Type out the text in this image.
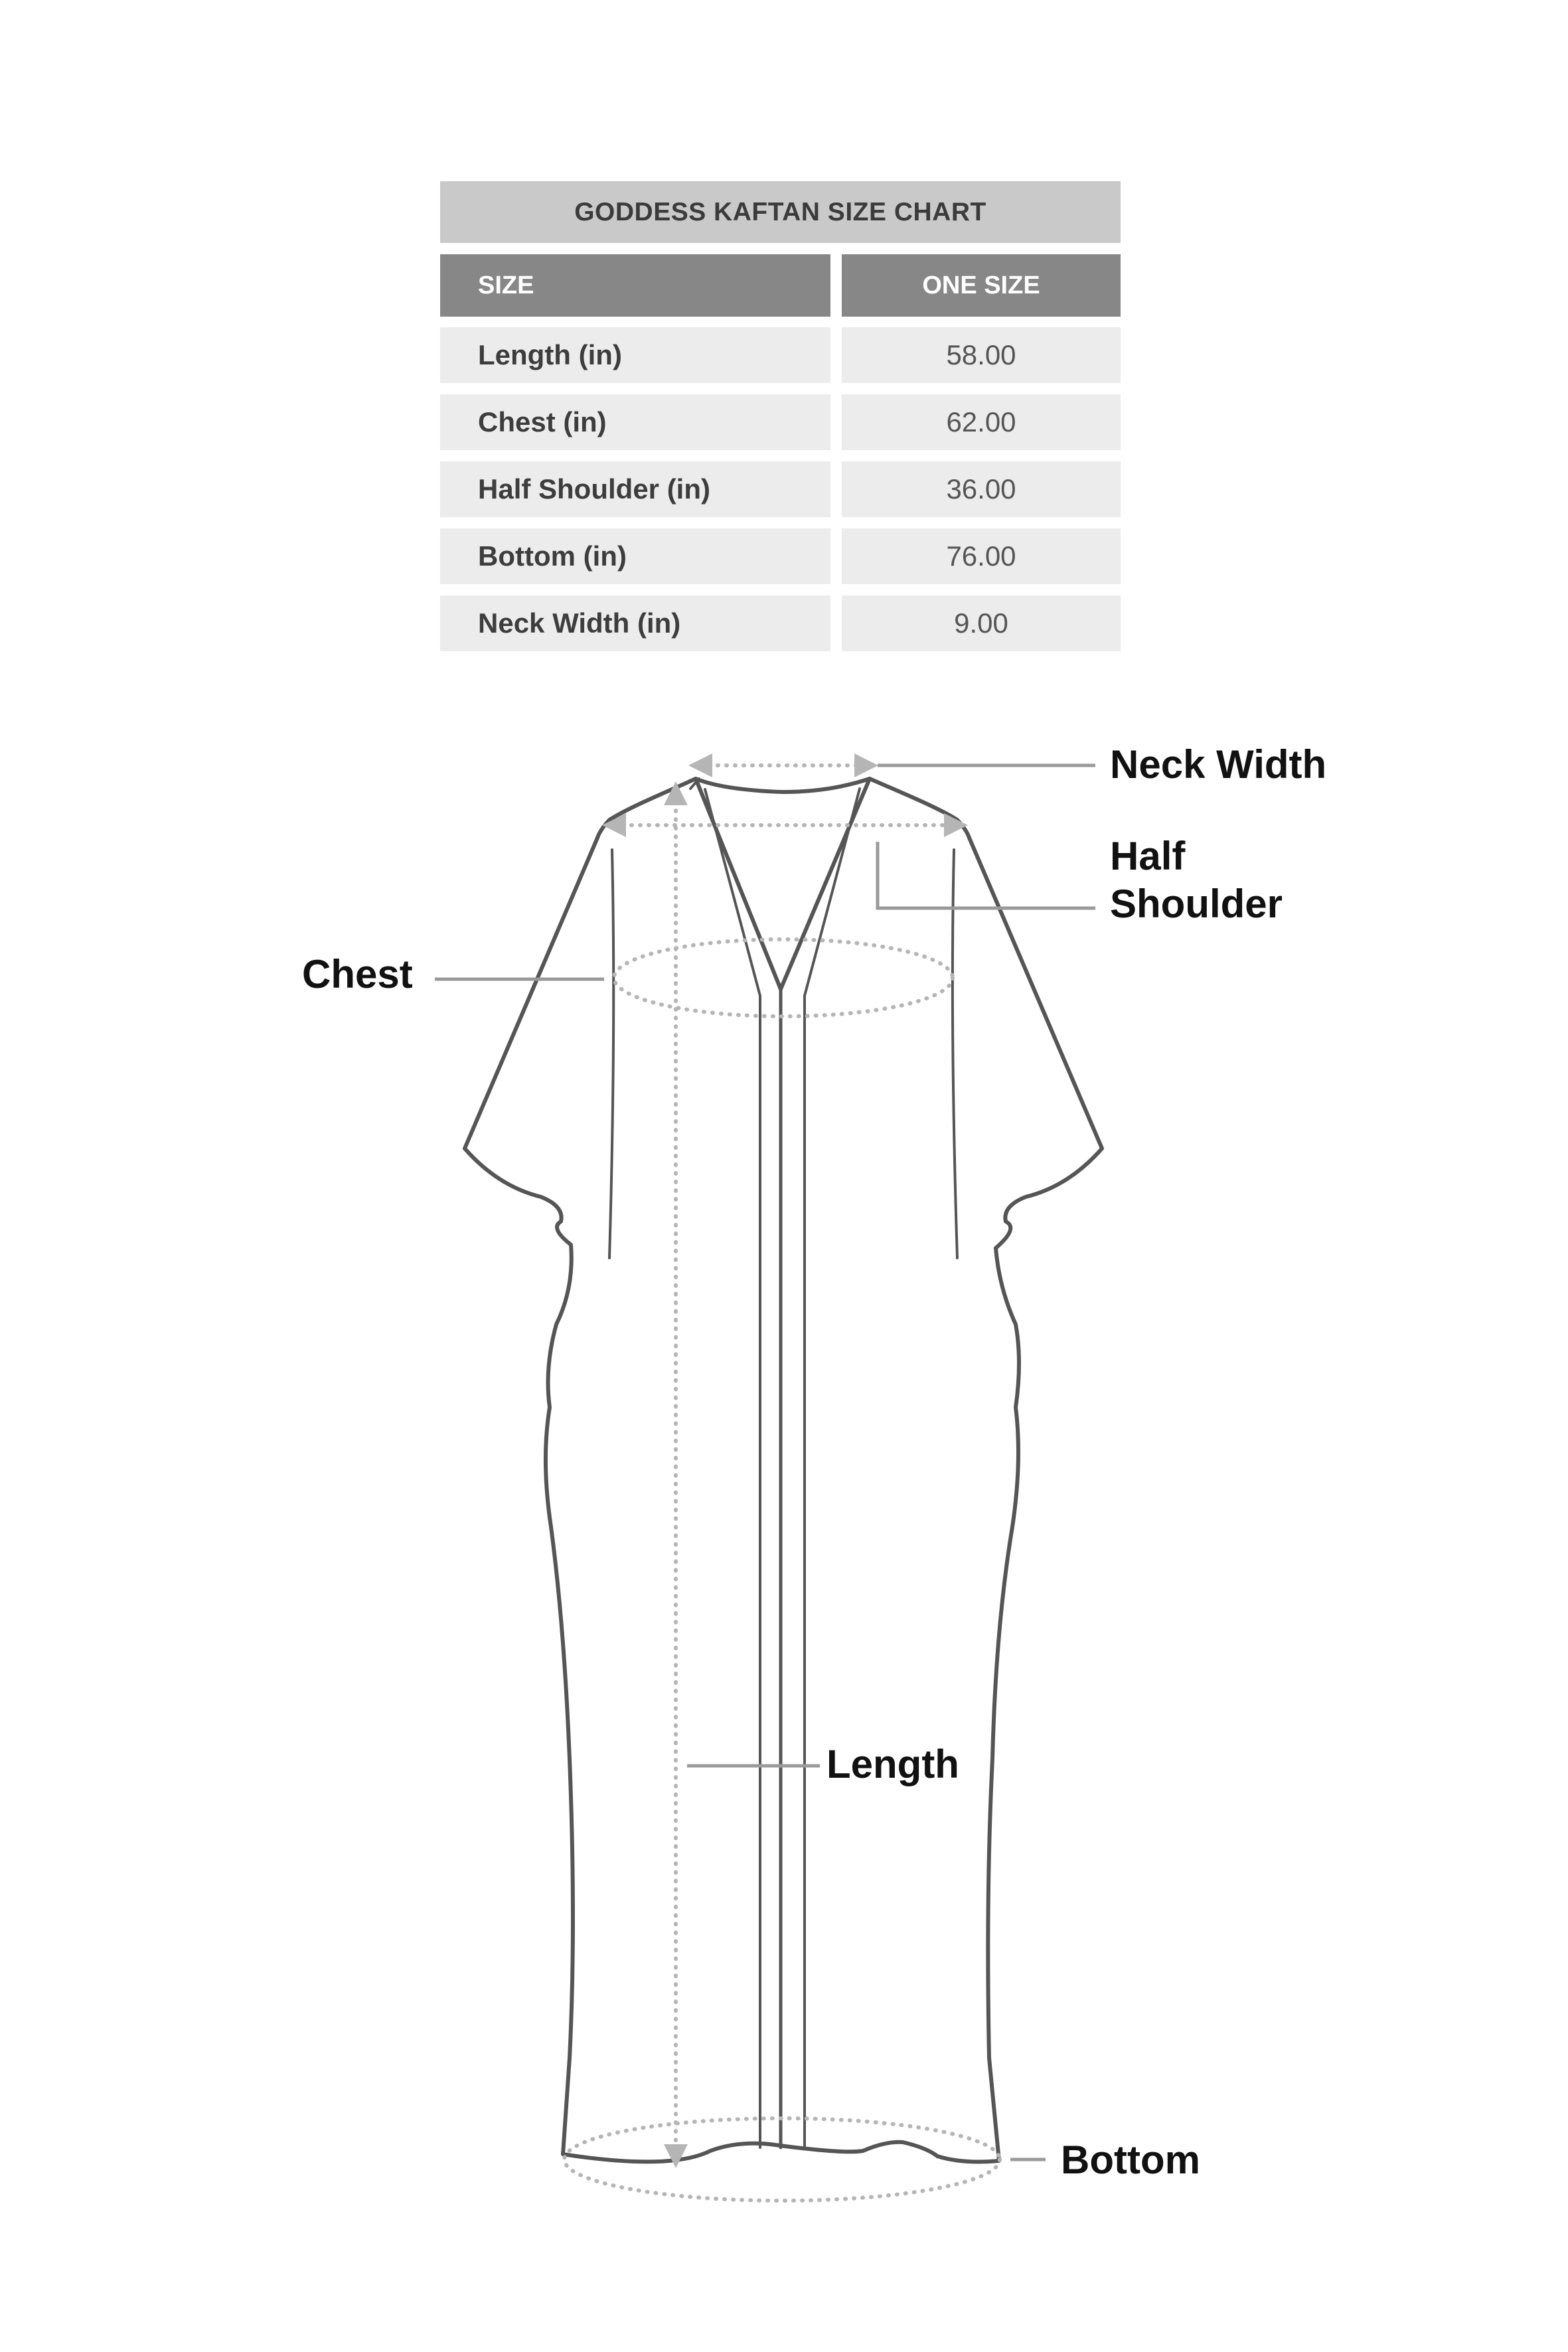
GODDESS KAFTAN SIZE CHART
SIZE	ONE SIZE
Length (in)	58.00
Chest (in)	62.00
Half Shoulder (in)	36.00
Bottom (in)	76.00
Neck Width (in)	9.00
Neck Width
Half
Shoulder
Chest
Length
Bottom
